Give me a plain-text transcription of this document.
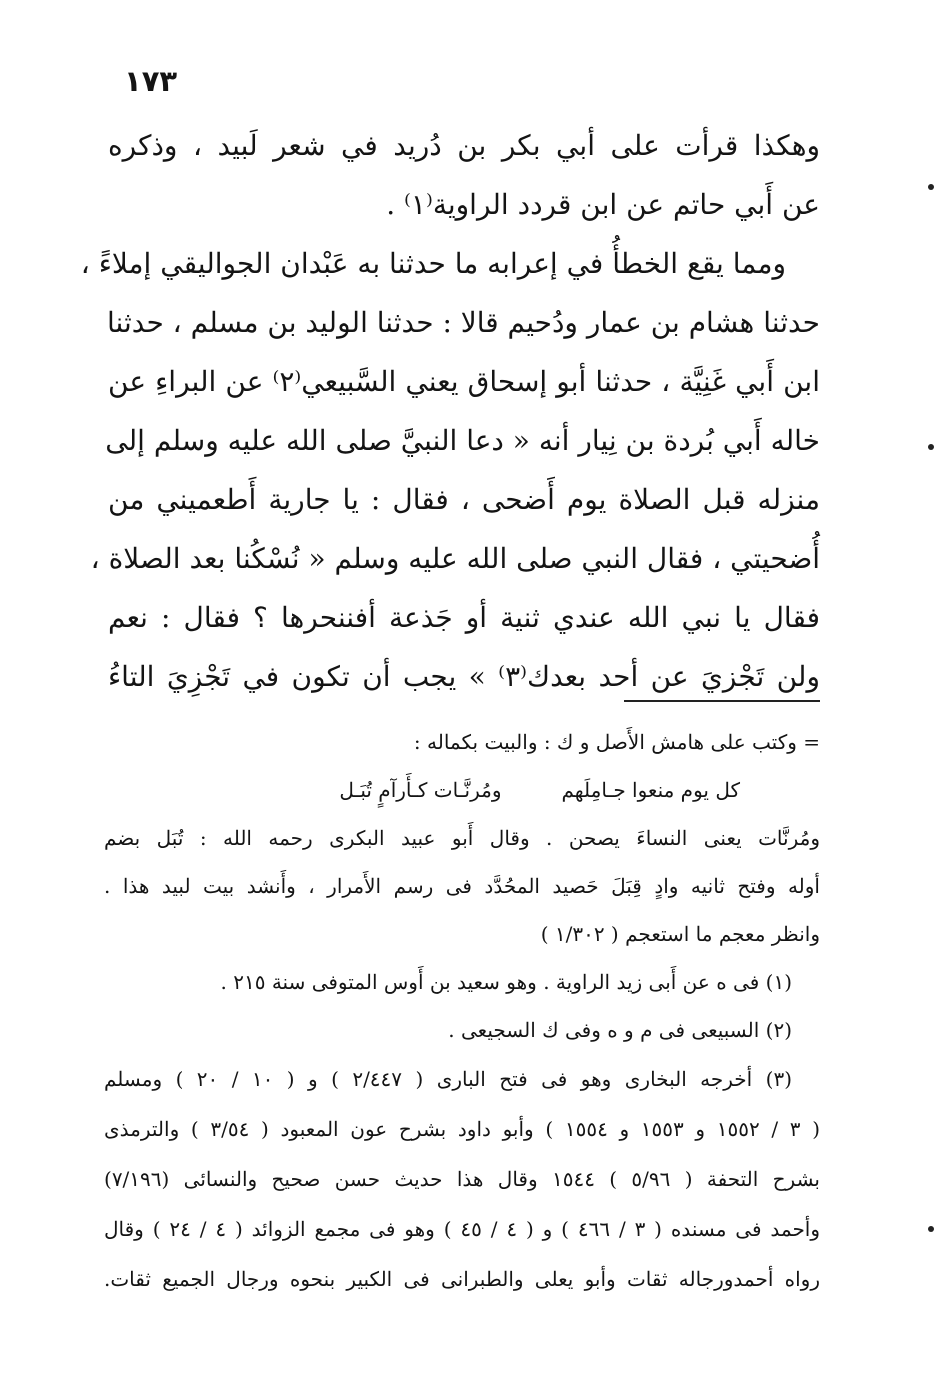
١٧٣
وهكذا قرأت على أبي بكر بن دُريد في شعر لَبيد ، وذكره
عن أَبي حاتم عن ابن قردد الراوية⁽١⁾ .
ومما يقع الخطأُ في إعرابه ما حدثنا به عَبْدان الجواليقي إملاءً ،
حدثنا هشام بن عمار ودُحيم قالا : حدثنا الوليد بن مسلم ، حدثنا
ابن أَبي غَنِيَّة ، حدثنا أبو إسحاق يعني السَّبيعي⁽٢⁾ عن البراءِ عن
خاله أَبي بُردة بن نِيار أنه « دعا النبيَّ صلى الله عليه وسلم إلى
منزله قبل الصلاة يوم أَضحى ، فقال : يا جارية أَطعميني من
أُضحيتي ، فقال النبي صلى الله عليه وسلم « نُسْكُنا بعد الصلاة ،
فقال يا نبي الله عندي ثنية أو جَذعة أفننحرها ؟ فقال : نعم
ولن تَجْزيَ عن أحد بعدك⁽٣⁾ » يجب أن تكون في تَجْزِيَ التاءُ
= وكتب على هامش الأَصل و ك : والبيت بكماله :
كل يوم منعوا جـامِلَهم
ومُرنَّـات كـأَرآمٍ تُبَـل
ومُرنَّات يعنى النساءَ يصحن . وقال أَبو عبيد البكرى رحمه الله : تُبَل بضم
أوله وفتح ثانيه وادٍ قِبَلَ حَصيد المحُدَّد فى رسم الأَمرار ، وأَنشد بيت لبيد هذا .
وانظر معجم ما استعجم ( ١/٣٠٢ )
(١) فى ه عن أَبى زيد الراوية . وهو سعيد بن أَوس المتوفى سنة ٢١٥ .
(٢) السبيعى فى م و ه وفى ك السجيعى .
(٣) أخرجه البخارى وهو فى فتح البارى ( ٢/٤٤٧ ) و ( ١٠ / ٢٠ ) ومسلم
( ٣ / ١٥٥٢ و ١٥٥٣ و ١٥٥٤ ) وأبو داود بشرح عون المعبود ( ٣/٥٤ ) والترمذى
بشرح التحفة ( ٥/٩٦ ) ١٥٤٤ وقال هذا حديث حسن صحيح والنسائى (٧/١٩٦)
وأحمد فى مسنده ( ٣ / ٤٦٦ ) و ( ٤ / ٤٥ ) وهو فى مجمع الزوائد ( ٤ / ٢٤ ) وقال
رواه أحمدورجاله ثقات وأبو يعلى والطبرانى فى الكبير بنحوه ورجال الجميع ثقات.
